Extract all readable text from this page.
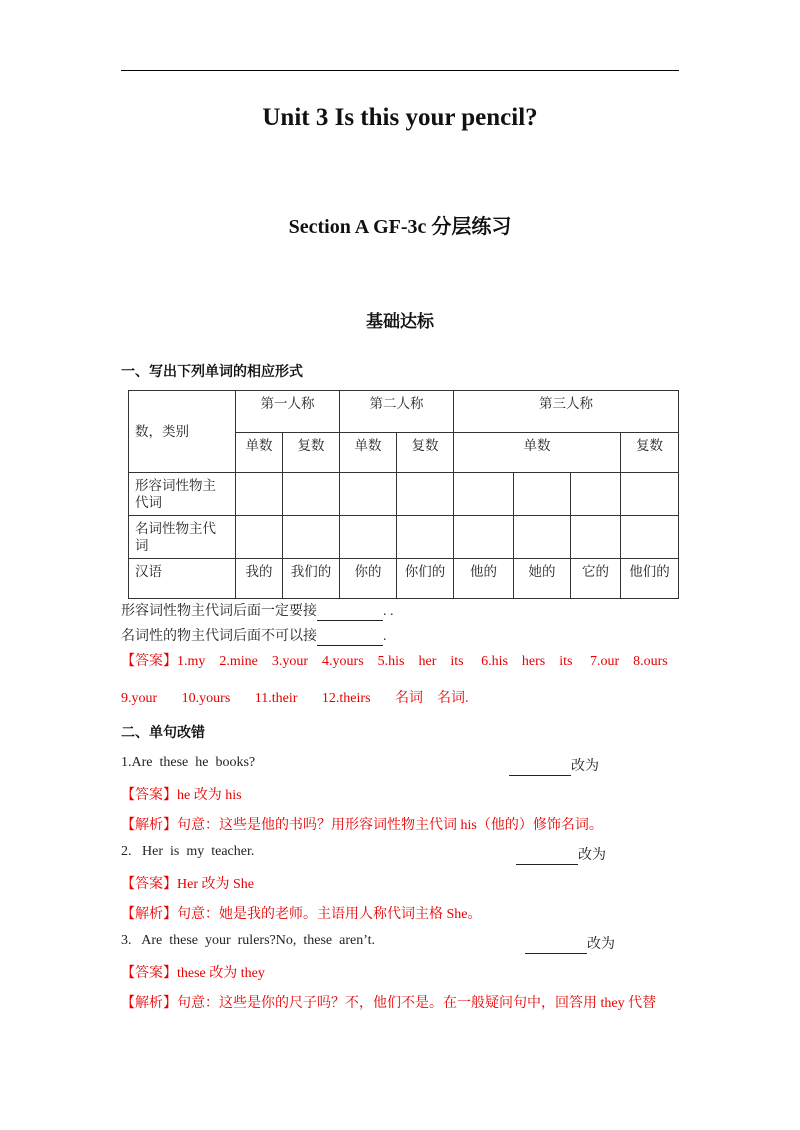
Unit 3 Is this your pencil?
Section A GF-3c 分层练习
基础达标
一、写出下列单词的相应形式
数，类别	第一人称		第二人称		第三人称			
	单数	复数	单数	复数	单数			复数
形容词性物主代词								
名词性物主代词								
汉语	我的	我们的	你的	你们的	他的	她的	它的	他们的
形容词性物主代词后面一定要接	. .
名词性的物主代词后面不可以接	.
【答案】1.my    2.mine    3.your    4.yours    5.his    her    its     6.his    hers    its     7.our    8.ours
9.your       10.yours       11.their       12.theirs       名词    名词.
二、单句改错
1.Are  these  he  books?	改为
【答案】he 改为 his
【解析】句意：这些是他的书吗？用形容词性物主代词 his（他的）修饰名词。
2.   Her  is  my  teacher.	改为
【答案】Her 改为 She
【解析】句意：她是我的老师。主语用人称代词主格 She。
3.   Are  these  your  rulers?No,  these  aren’t.	改为
【答案】these 改为 they
【解析】句意：这些是你的尺子吗？不，他们不是。在一般疑问句中，回答用 they 代替
